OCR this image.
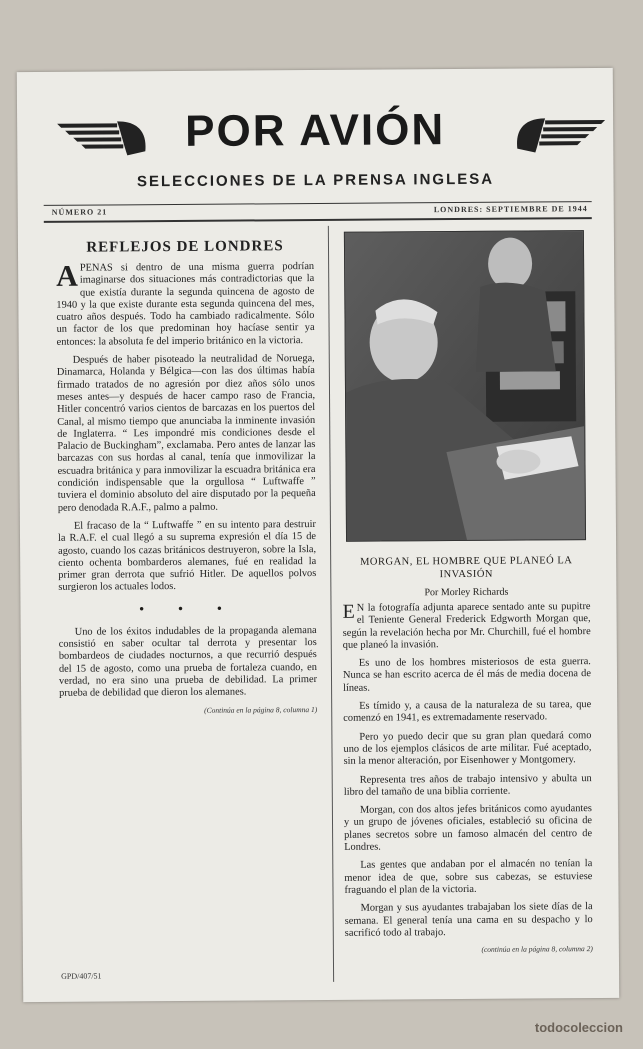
POR AVIÓN
SELECCIONES DE LA PRENSA INGLESA
NÚMERO 21	LONDRES: SEPTIEMBRE DE 1944
REFLEJOS DE LONDRES

APENAS si dentro de una misma guerra podrían imaginarse dos situaciones más contradictorias que la que existía durante la segunda quincena de agosto de 1940 y la que existe durante esta segunda quincena del mes, cuatro años después. Todo ha cambiado radicalmente. Sólo un factor de los que predominan hoy hacíase sentir ya entonces: la absoluta fe del imperio británico en la victoria.

Después de haber pisoteado la neutralidad de Noruega, Dinamarca, Holanda y Bélgica—con las dos últimas había firmado tratados de no agresión por diez años sólo unos meses antes—y después de hacer campo raso de Francia, Hitler concentró varios cientos de barcazas en los puertos del Canal, al mismo tiempo que anunciaba la inminente invasión de Inglaterra. “ Les impondré mis condiciones desde el Palacio de Buckingham”, exclamaba. Pero antes de lanzar las barcazas con sus hordas al canal, tenía que inmovilizar la escuadra británica y para inmovilizar la escuadra británica era condición indispensable que la orgullosa “ Luftwaffe ” tuviera el dominio absoluto del aire disputado por la pequeña pero denodada R.A.F., palmo a palmo.

El fracaso de la “ Luftwaffe ” en su intento para destruir la R.A.F. el cual llegó a su suprema expresión el día 15 de agosto, cuando los cazas británicos destruyeron, sobre la Isla, ciento ochenta bombarderos alemanes, fué en realidad la primer gran derrota que sufrió Hitler. De aquellos polvos surgieron los actuales lodos.

• • •

Uno de los éxitos indudables de la propaganda alemana consistió en saber ocultar tal derrota y presentar los bombardeos de ciudades nocturnos, a que recurrió después del 15 de agosto, como una prueba de fortaleza cuando, en verdad, no era sino una prueba de debilidad. La primer prueba de debilidad que dieron los alemanes.

(Continúa en la página 8, columna 1)
MORGAN, EL HOMBRE QUE PLANEÓ LA INVASIÓN
Por Morley Richards

E N la fotografía adjunta aparece sentado ante su pupitre el Teniente General Frederick Edgworth Morgan que, según la revelación hecha por Mr. Churchill, fué el hombre que planeó la invasión.

Es uno de los hombres misteriosos de esta guerra. Nunca se han escrito acerca de él más de media docena de líneas.

Es tímido y, a causa de la naturaleza de su tarea, que comenzó en 1941, es extremadamente reservado.

Pero yo puedo decir que su gran plan quedará como uno de los ejemplos clásicos de arte militar. Fué aceptado, sin la menor alteración, por Eisenhower y Montgomery.

Representa tres años de trabajo intensivo y abulta un libro del tamaño de una biblia corriente.

Morgan, con dos altos jefes británicos como ayudantes y un grupo de jóvenes oficiales, estableció su oficina de planes secretos sobre un famoso almacén del centro de Londres.

Las gentes que andaban por el almacén no tenían la menor idea de que, sobre sus cabezas, se estuviese fraguando el plan de la victoria.

Morgan y sus ayudantes trabajaban los siete días de la semana. El general tenía una cama en su despacho y lo sacrificó todo al trabajo.

(continúa en la página 8, columna 2)
GPD/407/51
todocoleccion
